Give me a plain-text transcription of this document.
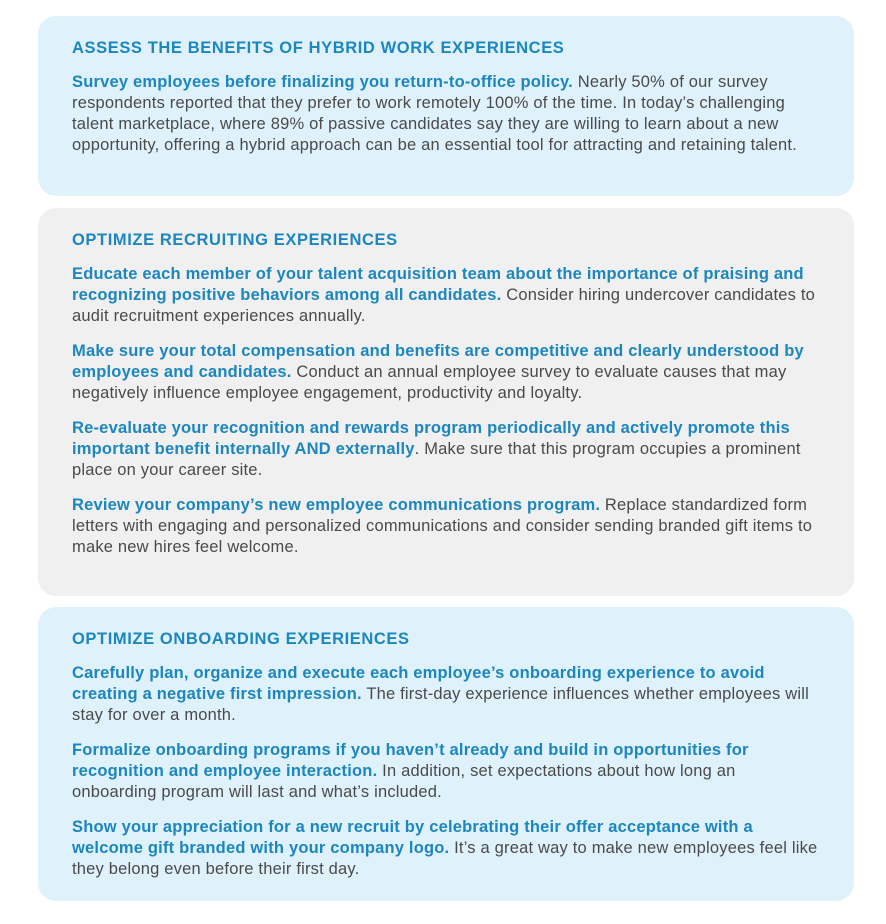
ASSESS THE BENEFITS OF HYBRID WORK EXPERIENCES

Survey employees before finalizing you return-to-office policy. Nearly 50% of our survey respondents reported that they prefer to work remotely 100% of the time. In today’s challenging talent marketplace, where 89% of passive candidates say they are willing to learn about a new opportunity, offering a hybrid approach can be an essential tool for attracting and retaining talent.

OPTIMIZE RECRUITING EXPERIENCES

Educate each member of your talent acquisition team about the importance of praising and recognizing positive behaviors among all candidates. Consider hiring undercover candidates to audit recruitment experiences annually.

Make sure your total compensation and benefits are competitive and clearly understood by employees and candidates. Conduct an annual employee survey to evaluate causes that may negatively influence employee engagement, productivity and loyalty.

Re-evaluate your recognition and rewards program periodically and actively promote this important benefit internally AND externally. Make sure that this program occupies a prominent place on your career site.

Review your company’s new employee communications program. Replace standardized form letters with engaging and personalized communications and consider sending branded gift items to make new hires feel welcome.

OPTIMIZE ONBOARDING EXPERIENCES

Carefully plan, organize and execute each employee’s onboarding experience to avoid creating a negative first impression. The first-day experience influences whether employees will stay for over a month.

Formalize onboarding programs if you haven’t already and build in opportunities for recognition and employee interaction. In addition, set expectations about how long an onboarding program will last and what’s included.

Show your appreciation for a new recruit by celebrating their offer acceptance with a welcome gift branded with your company logo. It’s a great way to make new employees feel like they belong even before their first day.
